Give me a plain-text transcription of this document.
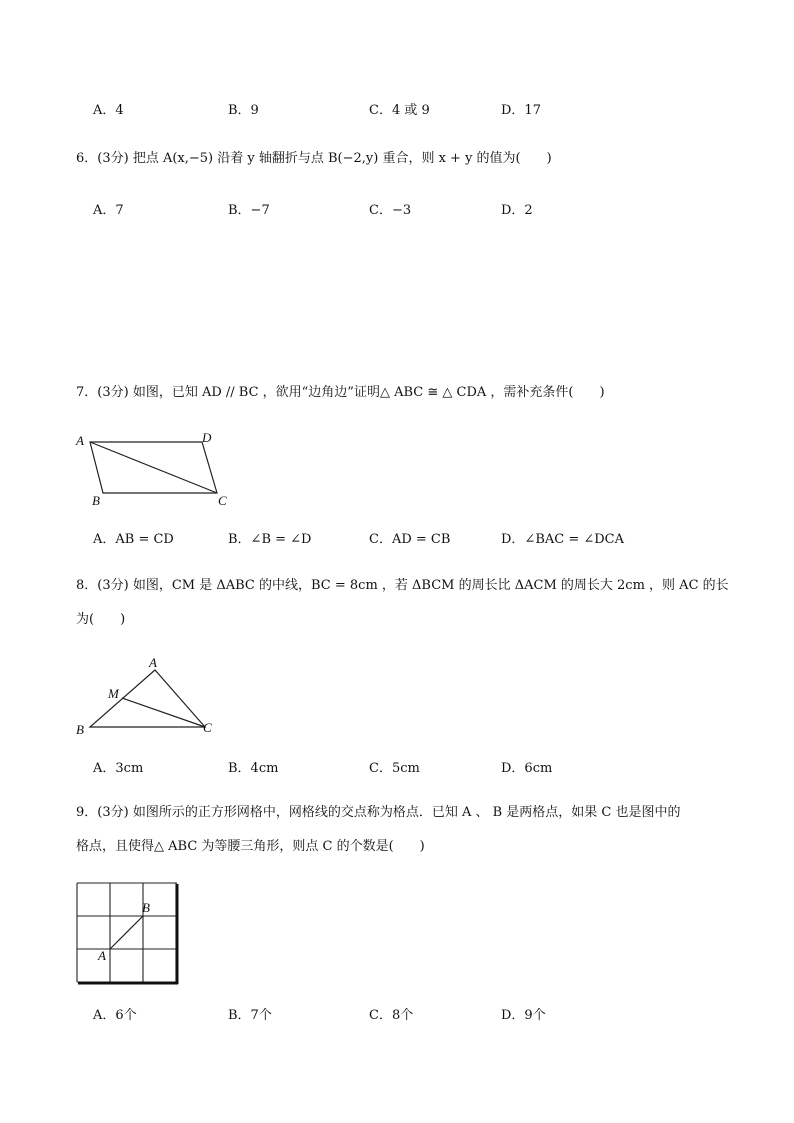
A．4	B．9	C．4 或 9	D．17
6．(3分) 把点 A(x,−5) 沿着 y 轴翻折与点 B(−2,y) 重合，则 x + y 的值为(　　)
A．7	B．−7	C．−3	D．2
7．(3分) 如图，已知 AD // BC ，欲用“边角边”证明△ ABC ≅ △ CDA ，需补充条件(　　)
A	D
B	C
A．AB = CD	B．∠B = ∠D	C．AD = CB	D．∠BAC = ∠DCA
8．(3分) 如图，CM 是 ΔABC 的中线，BC = 8cm ，若 ΔBCM 的周长比 ΔACM 的周长大 2cm ，则 AC 的长
为(　　)
A
M
B	C
A．3cm	B．4cm	C．5cm	D．6cm
9．(3分) 如图所示的正方形网格中，网格线的交点称为格点．已知 A 、 B 是两格点，如果 C 也是图中的
格点，且使得△ ABC 为等腰三角形，则点 C 的个数是(　　)
A
B
A．6个	B．7个	C．8个	D．9个
